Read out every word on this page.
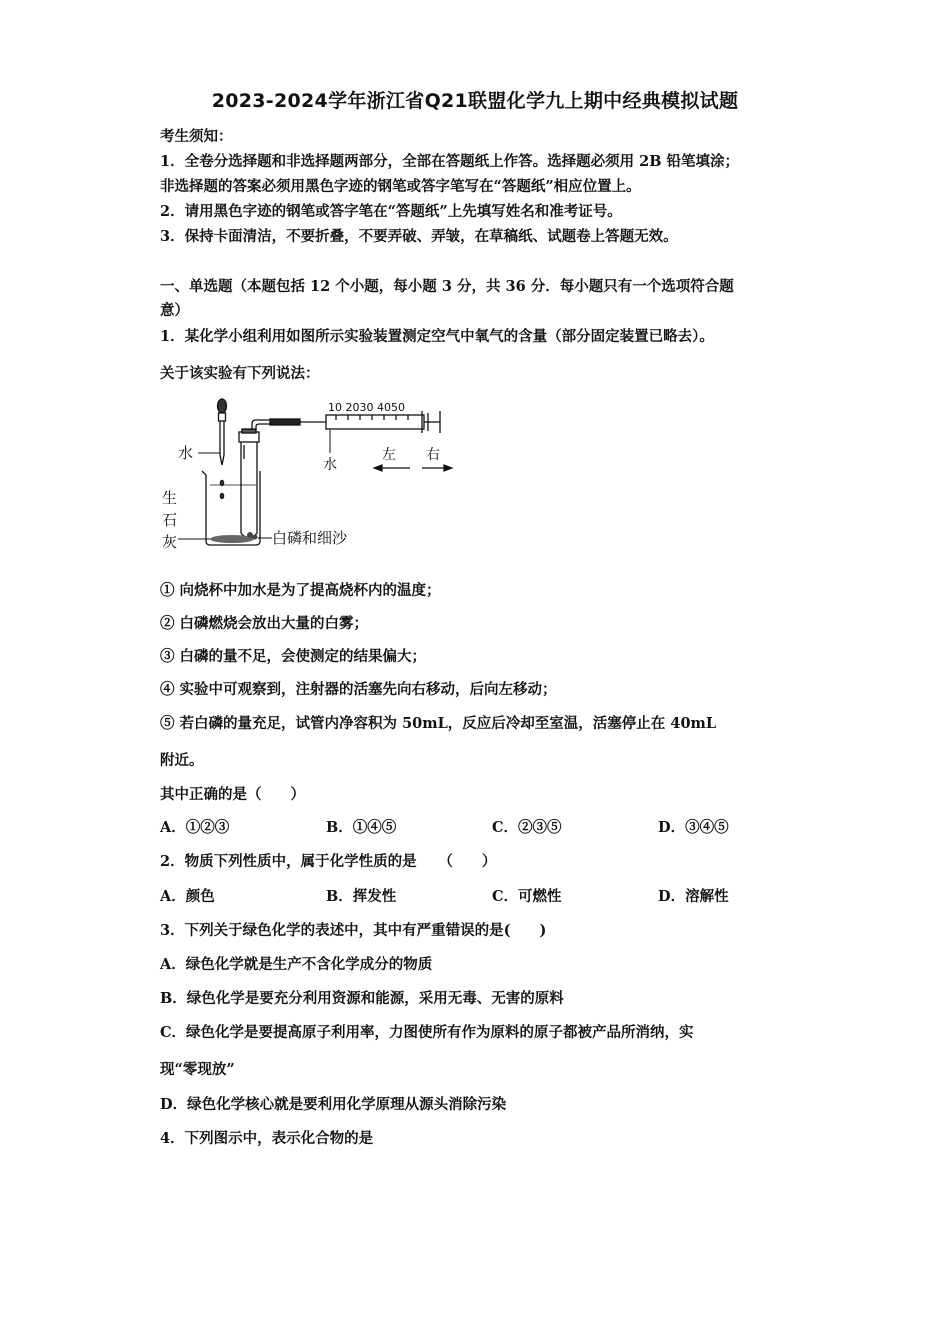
2023-2024学年浙江省Q21联盟化学九上期中经典模拟试题
考生须知：
1．全卷分选择题和非选择题两部分，全部在答题纸上作答。选择题必须用 2B 铅笔填涂；
非选择题的答案必须用黑色字迹的钢笔或答字笔写在“答题纸”相应位置上。
2．请用黑色字迹的钢笔或答字笔在“答题纸”上先填写姓名和准考证号。
3．保持卡面清洁，不要折叠，不要弄破、弄皱，在草稿纸、试题卷上答题无效。
一、单选题（本题包括 12 个小题，每小题 3 分，共 36 分．每小题只有一个选项符合题
意）
1．某化学小组利用如图所示实验装置测定空气中氧气的含量（部分固定装置已略去）。
关于该实验有下列说法：
10 2030 4050
水
左 右
水
生
石
灰	白磷和细沙
① 向烧杯中加水是为了提高烧杯内的温度；
② 白磷燃烧会放出大量的白雾；
③ 白磷的量不足，会使测定的结果偏大；
④ 实验中可观察到，注射器的活塞先向右移动，后向左移动；
⑤ 若白磷的量充足，试管内净容积为 50mL，反应后冷却至室温，活塞停止在 40mL
附近。
其中正确的是（　　）
A．①②③	B．①④⑤	C．②③⑤	D．③④⑤
2．物质下列性质中，属于化学性质的是　　（　　）
A．颜色	B．挥发性	C．可燃性	D．溶解性
3．下列关于绿色化学的表述中，其中有严重错误的是(　　)
A．绿色化学就是生产不含化学成分的物质
B．绿色化学是要充分利用资源和能源，采用无毒、无害的原料
C．绿色化学是要提高原子利用率，力图使所有作为原料的原子都被产品所消纳，实
现“零现放”
D．绿色化学核心就是要利用化学原理从源头消除污染
4．下列图示中，表示化合物的是
